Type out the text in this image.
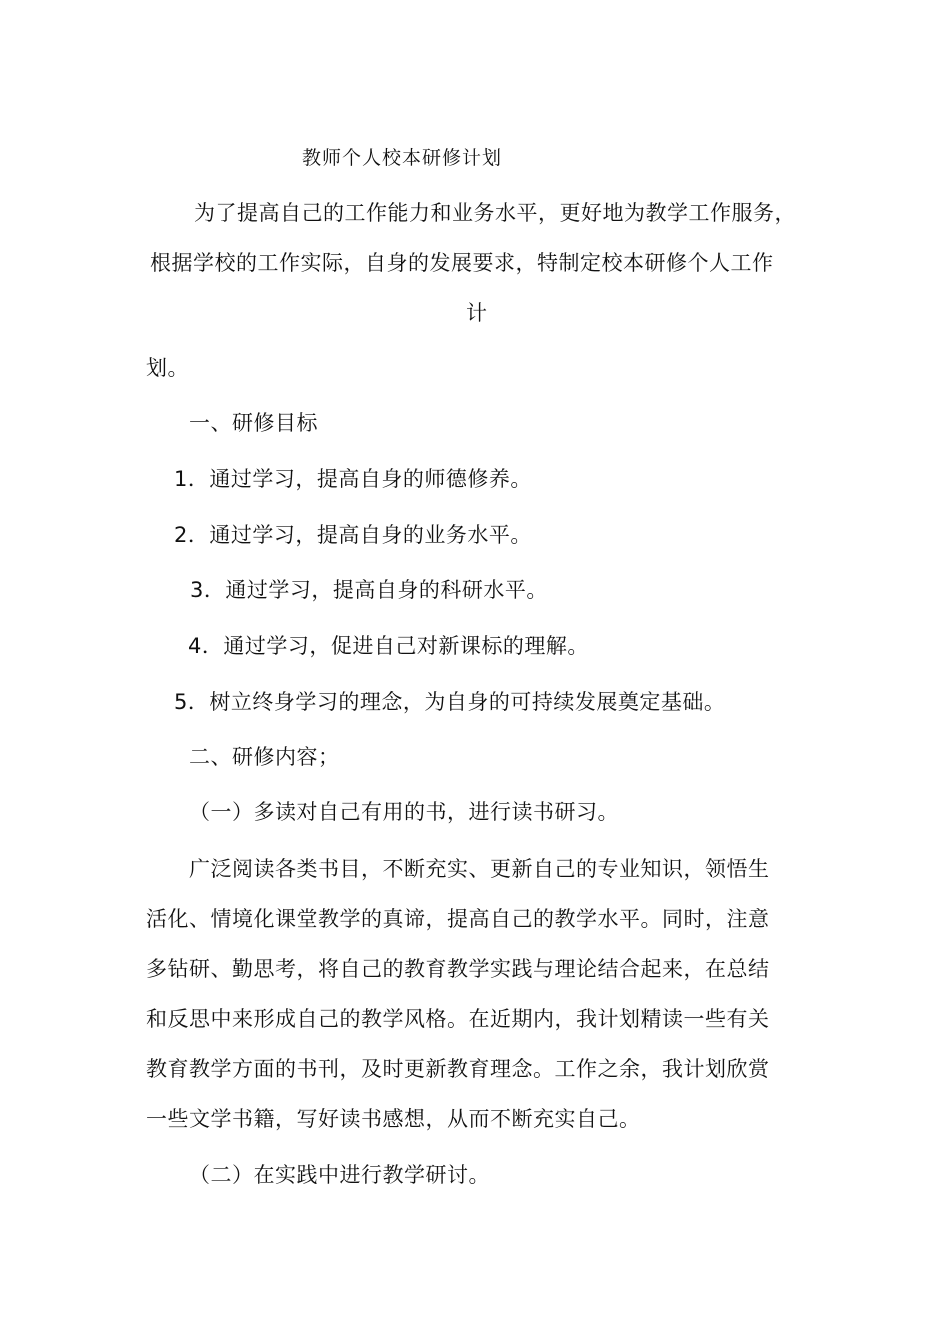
教师个人校本研修计划
为了提高自己的工作能力和业务水平，更好地为教学工作服务，
根据学校的工作实际，自身的发展要求，特制定校本研修个人工作
计
划。
一、研修目标
1．通过学习，提高自身的师德修养。
2．通过学习，提高自身的业务水平。
3．通过学习，提高自身的科研水平。
4．通过学习，促进自己对新课标的理解。
5．树立终身学习的理念，为自身的可持续发展奠定基础。
二、研修内容；
（一）多读对自己有用的书，进行读书研习。
广泛阅读各类书目，不断充实、更新自己的专业知识，领悟生
活化、情境化课堂教学的真谛，提高自己的教学水平。同时，注意
多钻研、勤思考，将自己的教育教学实践与理论结合起来，在总结
和反思中来形成自己的教学风格。在近期内，我计划精读一些有关
教育教学方面的书刊，及时更新教育理念。工作之余，我计划欣赏
一些文学书籍，写好读书感想，从而不断充实自己。
（二）在实践中进行教学研讨。
